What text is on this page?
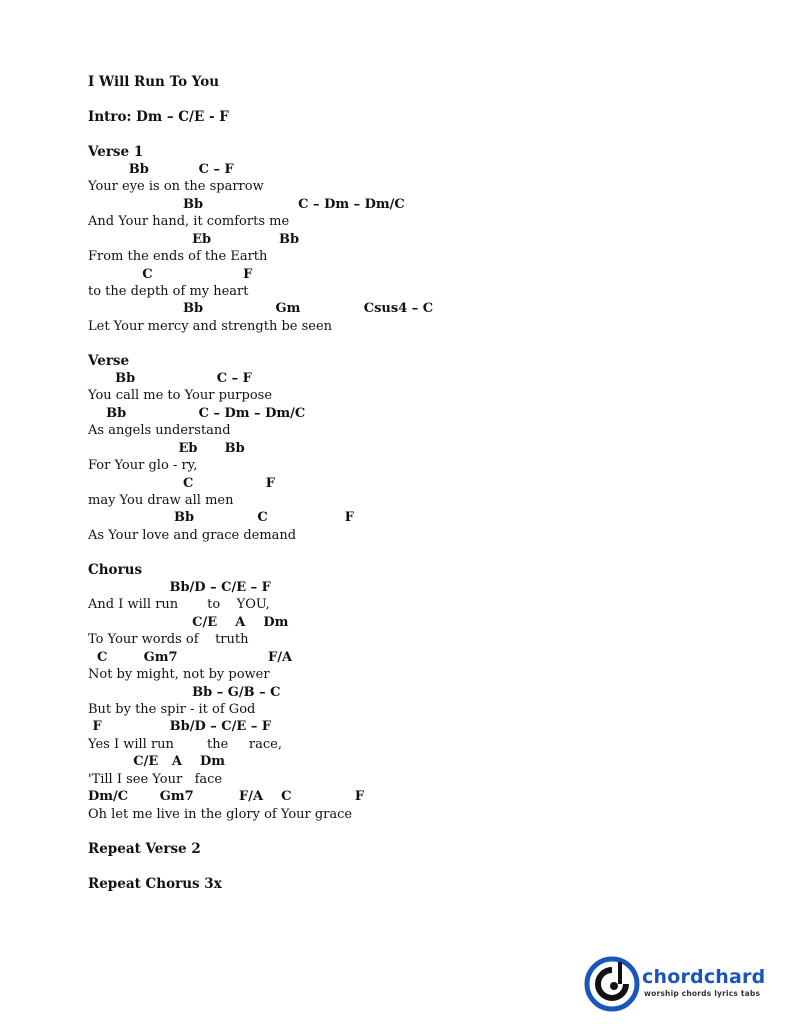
I Will Run To You
Intro: Dm – C/E - F
Verse 1
Bb           C – F
Your eye is on the sparrow
Bb                     C – Dm – Dm/C
And Your hand, it comforts me
Eb               Bb
From the ends of the Earth
C                    F
to the depth of my heart
Bb                Gm              Csus4 – C
Let Your mercy and strength be seen
Verse
Bb                  C – F
You call me to Your purpose
Bb                C – Dm – Dm/C
As angels understand
Eb      Bb
For Your glo - ry,
C                F
may You draw all men
Bb              C                 F
As Your love and grace demand
Chorus
Bb/D – C/E – F
And I will run       to    YOU,
C/E    A    Dm
To Your words of    truth
C        Gm7                    F/A
Not by might, not by power
Bb – G/B – C
But by the spir - it of God
F               Bb/D – C/E – F
Yes I will run        the     race,
C/E   A    Dm
'Till I see Your   face
Dm/C       Gm7          F/A    C              F
Oh let me live in the glory of Your grace
Repeat Verse 2
Repeat Chorus 3x
chordchard
worship chords lyrics tabs
